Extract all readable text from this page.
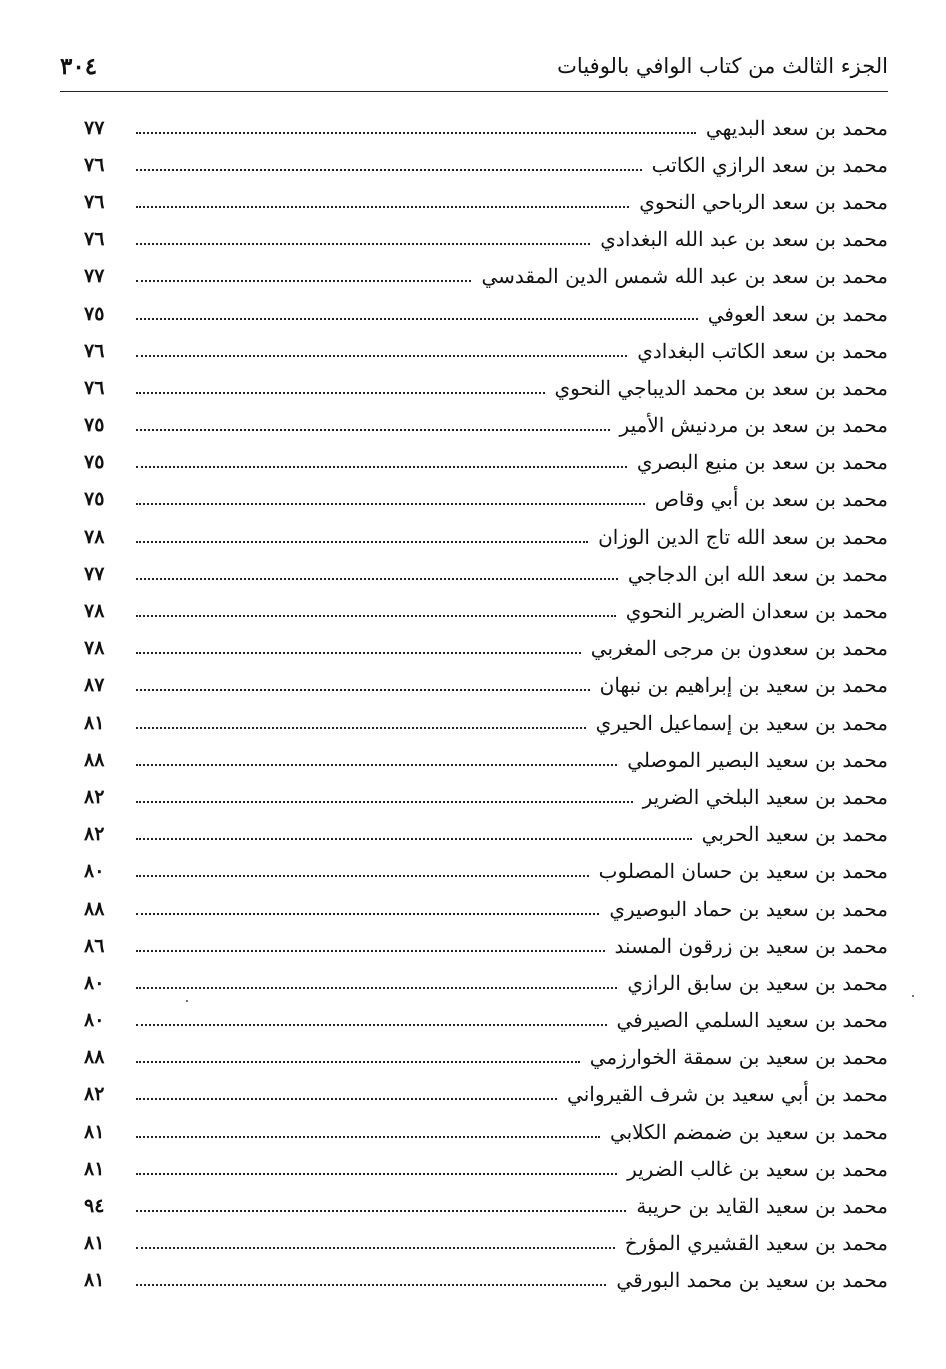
٣٠٤	الجزء الثالث من كتاب الوافي بالوفيات
محمد بن سعد البديهي
٧٧
محمد بن سعد الرازي الكاتب
٧٦
محمد بن سعد الرباحي النحوي
٧٦
محمد بن سعد بن عبد الله البغدادي
٧٦
محمد بن سعد بن عبد الله شمس الدين المقدسي
٧٧
محمد بن سعد العوفي
٧٥
محمد بن سعد الكاتب البغدادي
٧٦
محمد بن سعد بن محمد الديباجي النحوي
٧٦
محمد بن سعد بن مردنيش الأمير
٧٥
محمد بن سعد بن منيع البصري
٧٥
محمد بن سعد بن أبي وقاص
٧٥
محمد بن سعد الله تاج الدين الوزان
٧٨
محمد بن سعد الله ابن الدجاجي
٧٧
محمد بن سعدان الضرير النحوي
٧٨
محمد بن سعدون بن مرجى المغربي
٧٨
محمد بن سعيد بن إبراهيم بن نبهان
٨٧
محمد بن سعيد بن إسماعيل الحيري
٨١
محمد بن سعيد البصير الموصلي
٨٨
محمد بن سعيد البلخي الضرير
٨٢
محمد بن سعيد الحربي
٨٢
محمد بن سعيد بن حسان المصلوب
٨٠
محمد بن سعيد بن حماد البوصيري
٨٨
محمد بن سعيد بن زرقون المسند
٨٦
محمد بن سعيد بن سابق الرازي
٨٠
محمد بن سعيد السلمي الصيرفي
٨٠
محمد بن سعيد بن سمقة الخوارزمي
٨٨
محمد بن أبي سعيد بن شرف القيرواني
٨٢
محمد بن سعيد بن ضمضم الكلابي
٨١
محمد بن سعيد بن غالب الضرير
٨١
محمد بن سعيد القايد بن حريبة
٩٤
محمد بن سعيد القشيري المؤرخ
٨١
محمد بن سعيد بن محمد البورقي
٨١
